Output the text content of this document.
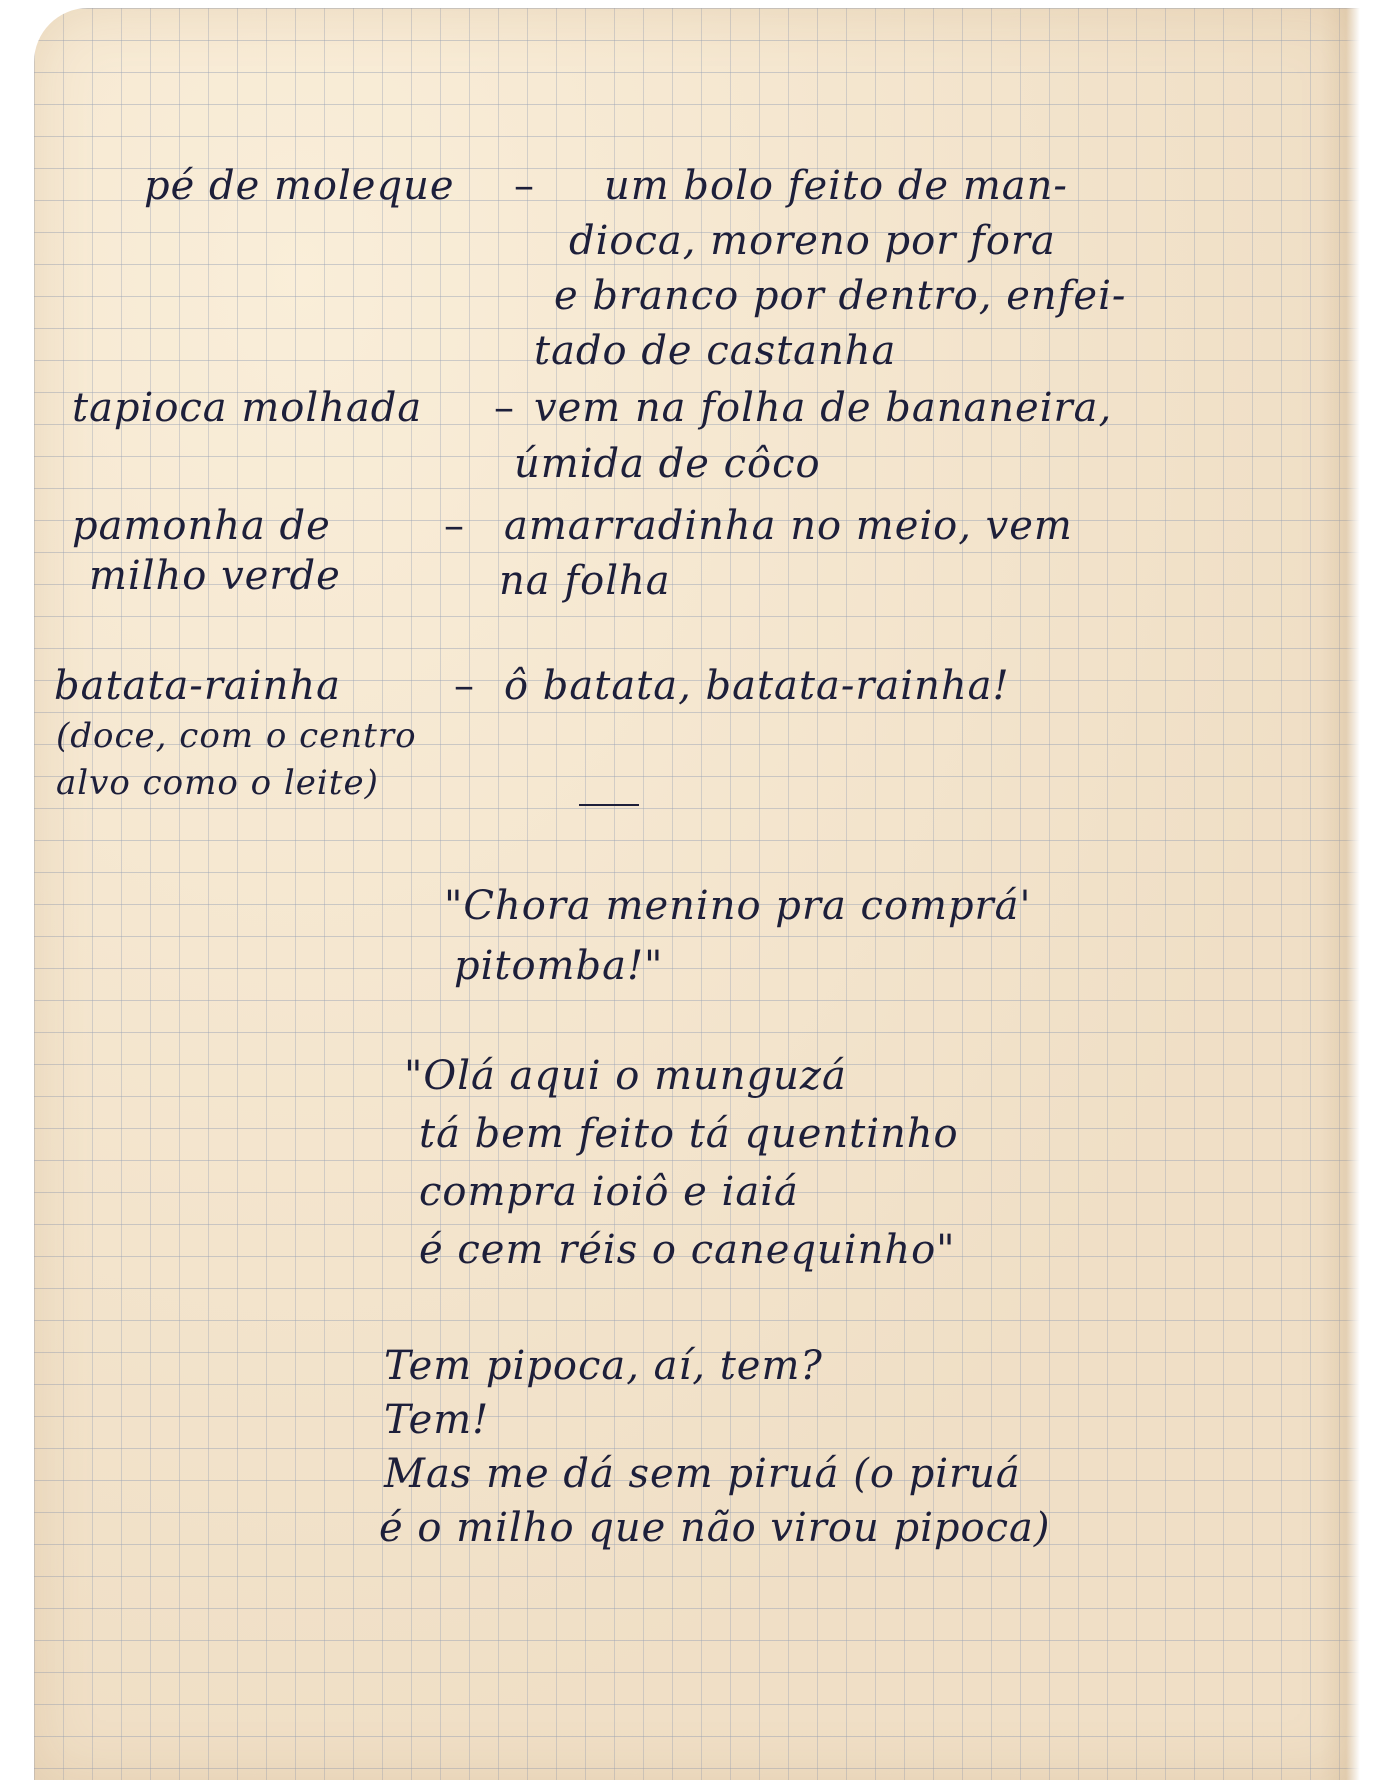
pé de moleque – um bolo feito de man-

dioca, moreno por fora

e branco por dentro, enfei-

tado de castanha

tapioca molhada – vem na folha de bananeira,

úmida de côco

pamonha de

milho verde

– amarradinha no meio, vem

na folha

batata-rainha

(doce, com o centro

alvo como o leite)

– ô batata, batata-rainha!

"Chora menino pra comprá'

pitomba!"

"Olá aqui o munguzá

tá bem feito tá quentinho

compra ioiô e iaiá

é cem réis o canequinho"

Tem pipoca, aí, tem?

Tem!

Mas me dá sem piruá (o piruá

é o milho que não virou pipoca)
